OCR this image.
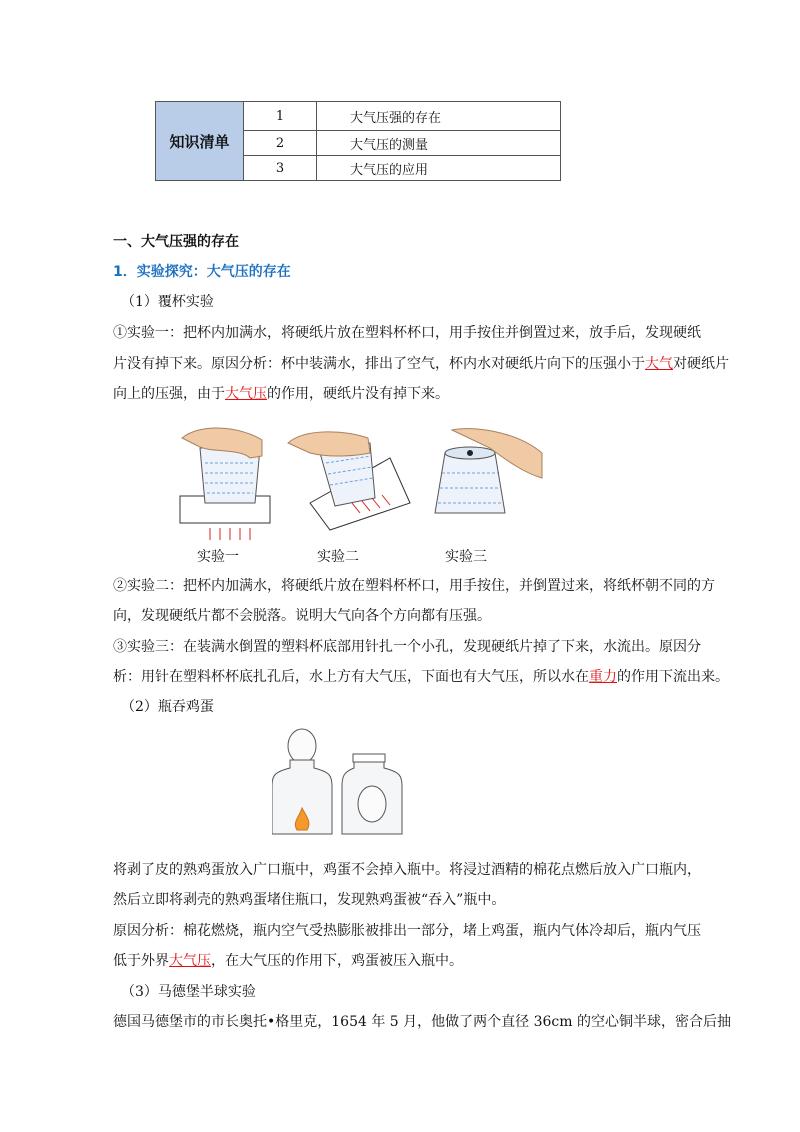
知识清单	1	大气压强的存在
	2	大气压的测量
	3	大气压的应用
一、大气压强的存在
1．实验探究：大气压的存在
（1）覆杯实验
①实验一：把杯内加满水，将硬纸片放在塑料杯杯口，用手按住并倒置过来，放手后，发现硬纸
片没有掉下来。原因分析：杯中装满水，排出了空气，杯内水对硬纸片向下的压强小于大气对硬纸片
向上的压强，由于大气压的作用，硬纸片没有掉下来。
实验一	实验二	实验三
②实验二：把杯内加满水，将硬纸片放在塑料杯杯口，用手按住，并倒置过来，将纸杯朝不同的方
向，发现硬纸片都不会脱落。说明大气向各个方向都有压强。
③实验三：在装满水倒置的塑料杯底部用针扎一个小孔，发现硬纸片掉了下来，水流出。原因分
析：用针在塑料杯杯底扎孔后，水上方有大气压，下面也有大气压，所以水在重力的作用下流出来。
（2）瓶吞鸡蛋
将剥了皮的熟鸡蛋放入广口瓶中，鸡蛋不会掉入瓶中。将浸过酒精的棉花点燃后放入广口瓶内，
然后立即将剥壳的熟鸡蛋堵住瓶口，发现熟鸡蛋被“吞入”瓶中。
原因分析：棉花燃烧，瓶内空气受热膨胀被排出一部分，堵上鸡蛋，瓶内气体冷却后，瓶内气压
低于外界大气压，在大气压的作用下，鸡蛋被压入瓶中。
（3）马德堡半球实验
德国马德堡市的市长奥托•格里克，1654 年 5 月，他做了两个直径 36cm 的空心铜半球，密合后抽
